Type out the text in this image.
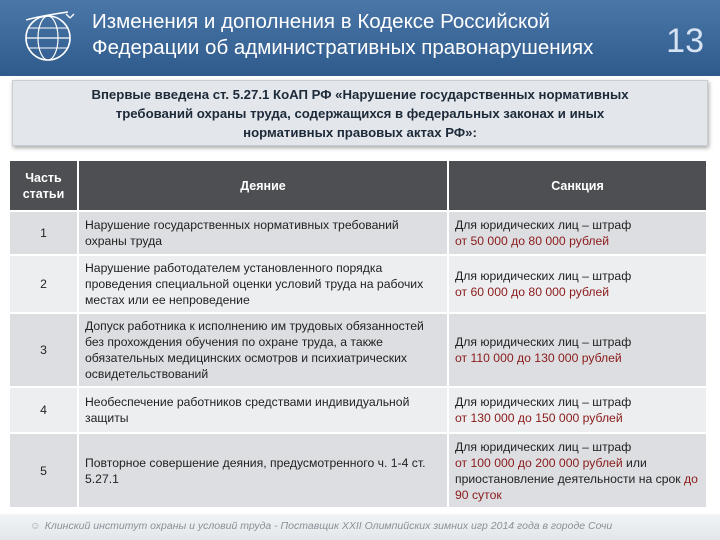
Изменения и дополнения в Кодексе Российской
Федерации об административных правонарушениях	13
Впервые введена ст. 5.27.1 КоАП РФ «Нарушение государственных нормативных
требований охраны труда, содержащихся в федеральных законах и иных
нормативных правовых актах РФ»:
Часть
статьи	Деяние	Санкция
1	Нарушение государственных нормативных требований охраны труда	Для юридических лиц – штраф
от 50 000 до 80 000 рублей

2	Нарушение работодателем установленного порядка проведения специальной оценки условий труда на рабочих местах или ее непроведение	Для юридических лиц – штраф
от 60 000 до 80 000 рублей

3	Допуск работника к исполнению им трудовых обязанностей без прохождения обучения по охране труда, а также обязательных медицинских осмотров и психиатрических освидетельствований	Для юридических лиц – штраф
от 110 000 до 130 000 рублей

4	Необеспечение работников средствами индивидуальной защиты	Для юридических лиц – штраф
от 130 000 до 150 000 рублей

5	Повторное совершение деяния, предусмотренного ч. 1-4 ст. 5.27.1	Для юридических лиц – штраф
от 100 000 до 200 000 рублей или приостановление деятельности на срок до 90 суток
☺ Клинский институт охраны и условий труда - Поставщик XXII Олимпийских зимних игр 2014 года в городе Сочи
